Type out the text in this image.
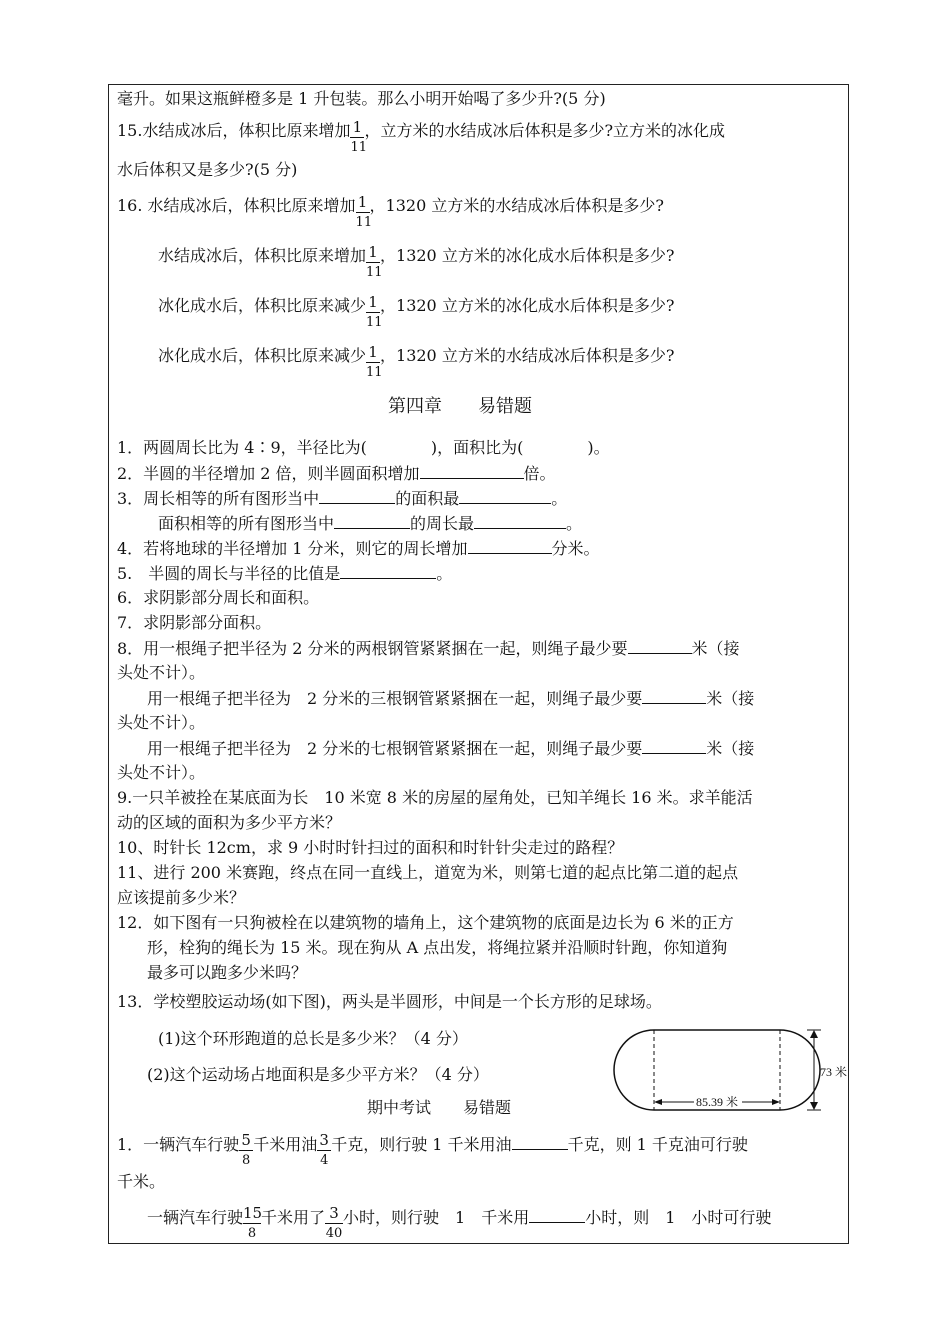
毫升。如果这瓶鲜橙多是 1 升包装。那么小明开始喝了多少升?(5 分)
15.水结成冰后，体积比原来增加 $\frac{1}{11}$ ，立方米的水结成冰后体积是多少?立方米的冰化成
水后体积又是多少?(5 分)
16. 水结成冰后，体积比原来增加 $\frac{1}{11}$ ，1320 立方米的水结成冰后体积是多少?
水结成冰后，体积比原来增加 $\frac{1}{11}$ ，1320 立方米的冰化成水后体积是多少?
冰化成水后，体积比原来减少 $\frac{1}{11}$ ，1320 立方米的冰化成水后体积是多少?
冰化成水后，体积比原来减少 $\frac{1}{11}$ ，1320 立方米的水结成冰后体积是多少?
第四章　　易错题
1．两圆周长比为 4∶9，半径比为(　　　　)，面积比为(　　　　)。
2．半圆的半径增加 2 倍，则半圆面积增加	倍。
3．周长相等的所有图形当中	的面积最	。
面积相等的所有图形当中	的周长最	。
4．若将地球的半径增加 1 分米，则它的周长增加	分米。
5.　半圆的周长与半径的比值是	。
6．求阴影部分周长和面积。
7．求阴影部分面积。
8．用一根绳子把半径为 2 分米的两根钢管紧紧捆在一起，则绳子最少要	米（接
头处不计）。
用一根绳子把半径为　2 分米的三根钢管紧紧捆在一起，则绳子最少要	米（接
头处不计）。
用一根绳子把半径为　2 分米的七根钢管紧紧捆在一起，则绳子最少要	米（接
头处不计）。
9.一只羊被拴在某底面为长　10 米宽 8 米的房屋的屋角处，已知羊绳长 16 米。求羊能活
动的区域的面积为多少平方米？
10、时针长 12cm，求 9 小时时针扫过的面积和时针针尖走过的路程？
11、进行 200 米赛跑，终点在同一直线上，道宽为米，则第七道的起点比第二道的起点
应该提前多少米？
12．如下图有一只狗被栓在以建筑物的墙角上，这个建筑物的底面是边长为 6 米的正方
形，栓狗的绳长为 15 米。现在狗从 A 点出发，将绳拉紧并沿顺时针跑，你知道狗
最多可以跑多少米吗？
13．学校塑胶运动场(如下图)，两头是半圆形，中间是一个长方形的足球场。
(1)这个环形跑道的总长是多少米？（4 分）
(2)这个运动场占地面积是多少平方米？（4 分）	73 米
85.39 米
期中考试　　易错题
1．一辆汽车行驶 $\frac{5}{8}$ 千米用油 $\frac{3}{4}$ 千克，则行驶 1 千米用油	千克，则 1 千克油可行驶
千米。
一辆汽车行驶 $\frac{15}{8}$ 千米用了 $\frac{3}{40}$ 小时，则行驶　1　千米用	小时，则　1　小时可行驶
